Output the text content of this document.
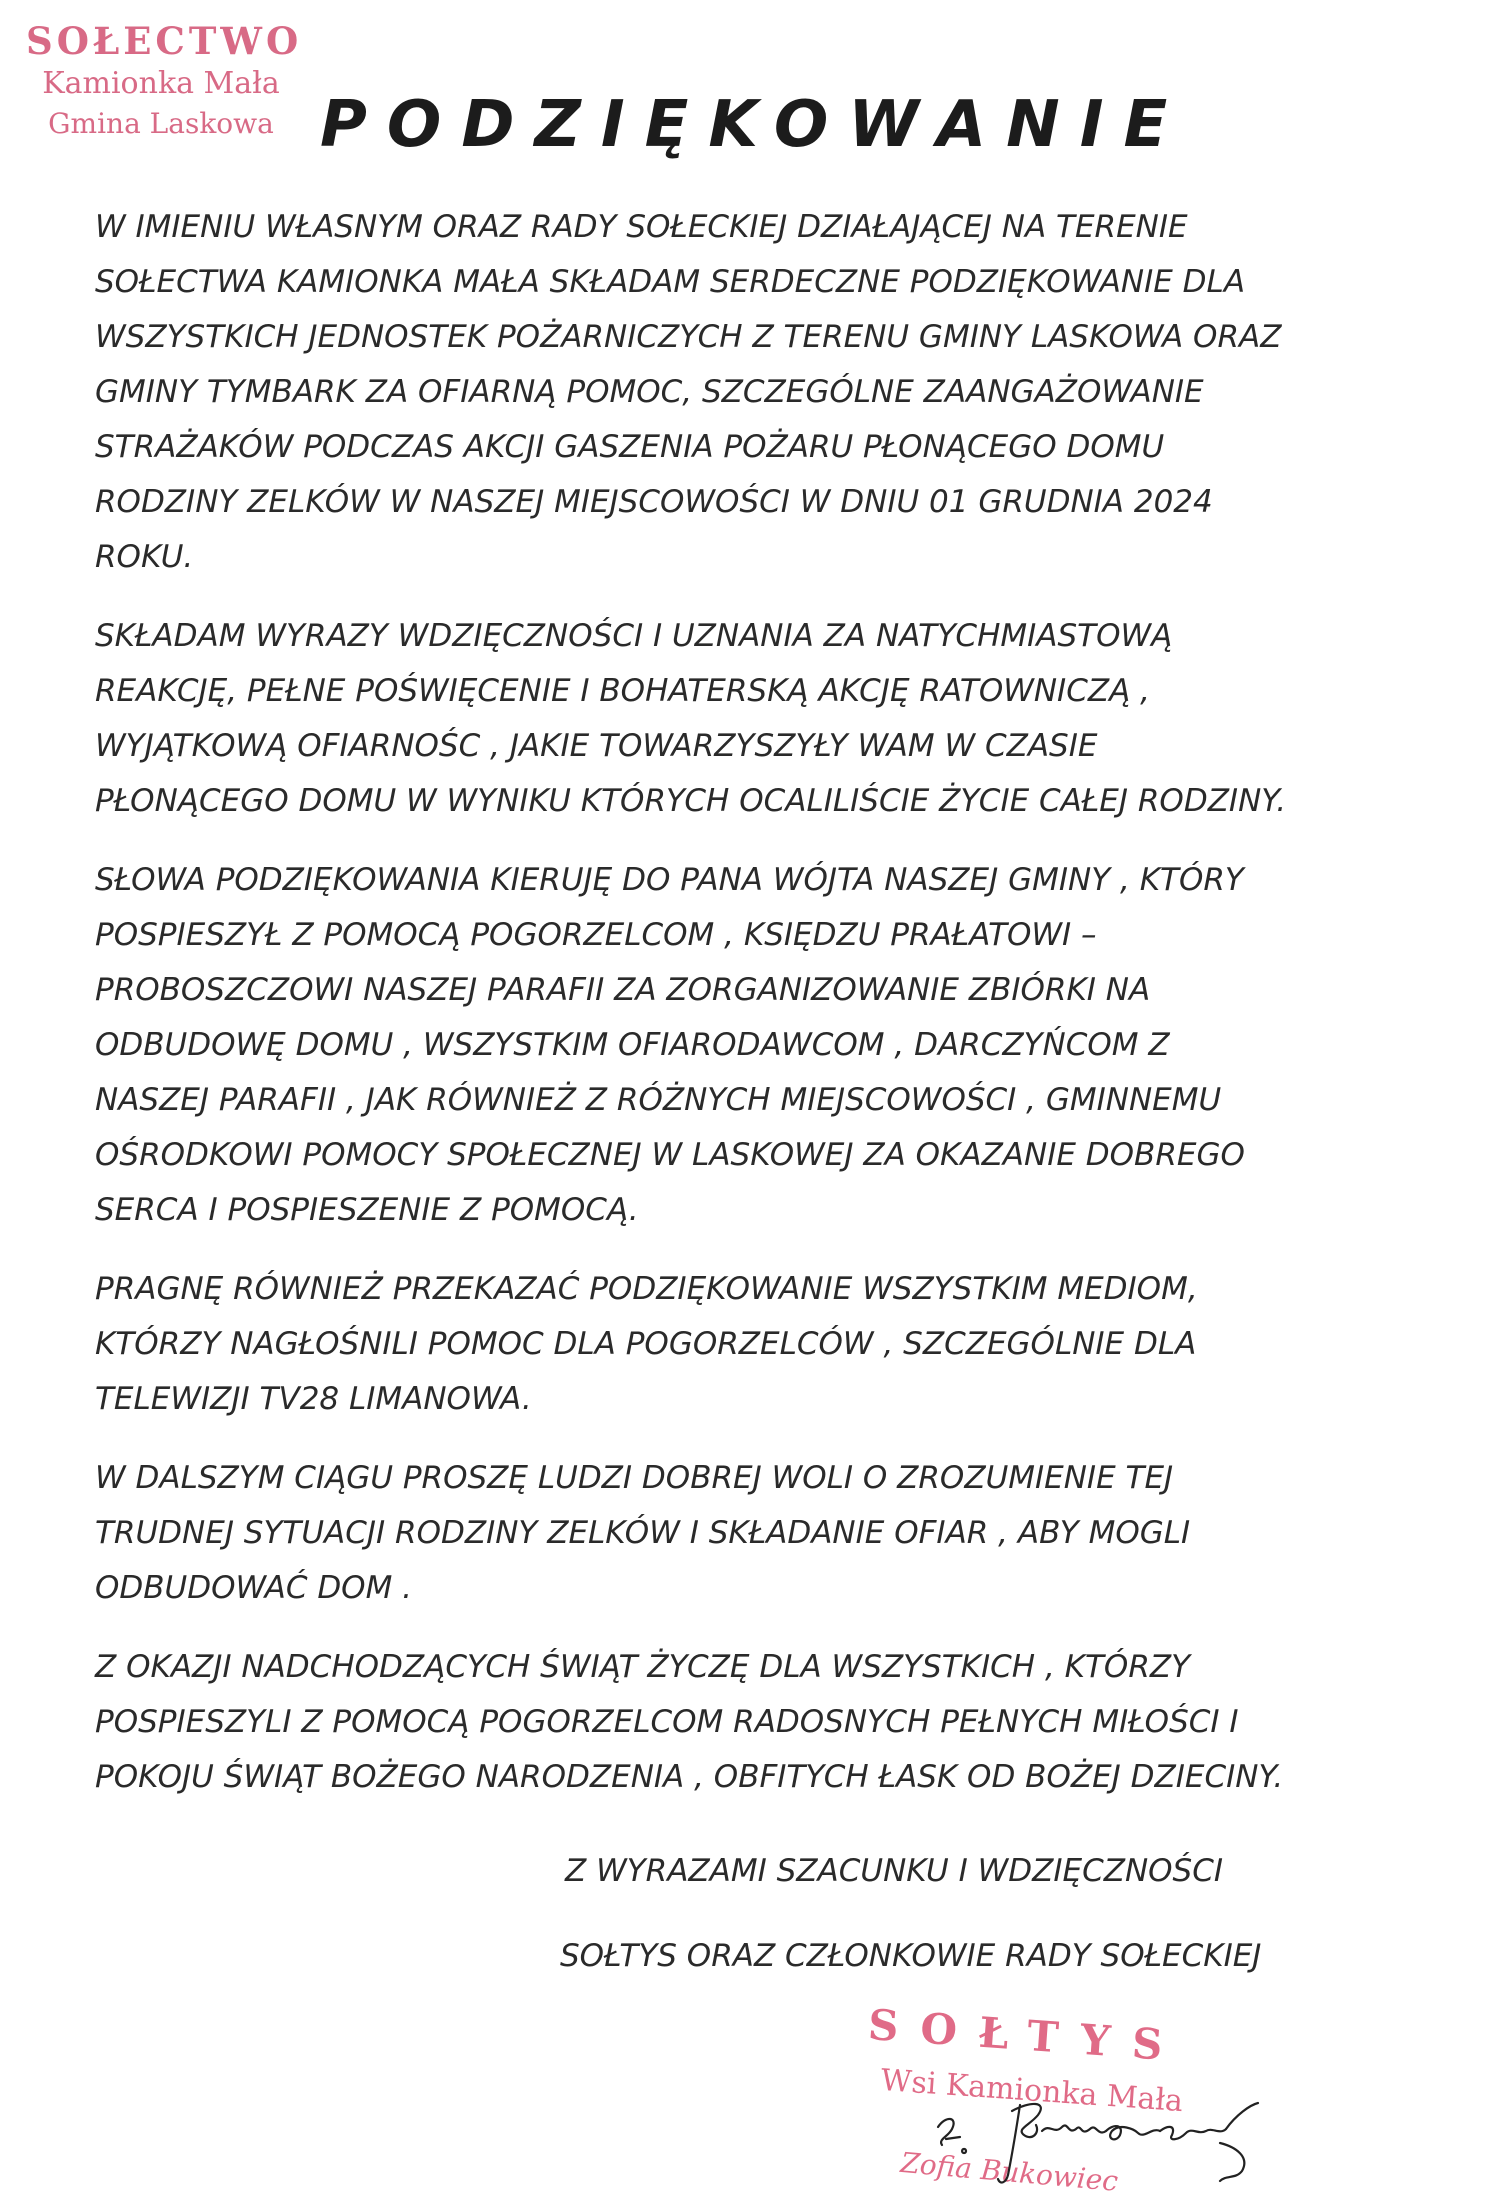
SOŁECTWO
Kamionka Mała
Gmina Laskowa PODZIĘKOWANIE

W IMIENIU WŁASNYM ORAZ RADY SOŁECKIEJ DZIAŁAJĄCEJ NA TERENIE
SOŁECTWA KAMIONKA MAŁA SKŁADAM SERDECZNE PODZIĘKOWANIE DLA
WSZYSTKICH JEDNOSTEK POŻARNICZYCH Z TERENU GMINY LASKOWA ORAZ
GMINY TYMBARK ZA OFIARNĄ POMOC, SZCZEGÓLNE ZAANGAŻOWANIE
STRAŻAKÓW PODCZAS AKCJI GASZENIA POŻARU PŁONĄCEGO DOMU
RODZINY ZELKÓW W NASZEJ MIEJSCOWOŚCI W DNIU 01 GRUDNIA 2024
ROKU.

SKŁADAM WYRAZY WDZIĘCZNOŚCI I UZNANIA ZA NATYCHMIASTOWĄ
REAKCJĘ, PEŁNE POŚWIĘCENIE I BOHATERSKĄ AKCJĘ RATOWNICZĄ ,
WYJĄTKOWĄ OFIARNOŚC , JAKIE TOWARZYSZYŁY WAM W CZASIE
PŁONĄCEGO DOMU W WYNIKU KTÓRYCH OCALILIŚCIE ŻYCIE CAŁEJ RODZINY.

SŁOWA PODZIĘKOWANIA KIERUJĘ DO PANA WÓJTA NASZEJ GMINY , KTÓRY
POSPIESZYŁ Z POMOCĄ POGORZELCOM , KSIĘDZU PRAŁATOWI –
PROBOSZCZOWI NASZEJ PARAFII ZA ZORGANIZOWANIE ZBIÓRKI NA
ODBUDOWĘ DOMU , WSZYSTKIM OFIARODAWCOM , DARCZYŃCOM Z
NASZEJ PARAFII , JAK RÓWNIEŻ Z RÓŻNYCH MIEJSCOWOŚCI , GMINNEMU
OŚRODKOWI POMOCY SPOŁECZNEJ W LASKOWEJ ZA OKAZANIE DOBREGO
SERCA I POSPIESZENIE Z POMOCĄ.

PRAGNĘ RÓWNIEŻ PRZEKAZAĆ PODZIĘKOWANIE WSZYSTKIM MEDIOM,
KTÓRZY NAGŁOŚNILI POMOC DLA POGORZELCÓW , SZCZEGÓLNIE DLA
TELEWIZJI TV28 LIMANOWA.

W DALSZYM CIĄGU PROSZĘ LUDZI DOBREJ WOLI O ZROZUMIENIE TEJ
TRUDNEJ SYTUACJI RODZINY ZELKÓW I SKŁADANIE OFIAR , ABY MOGLI
ODBUDOWAĆ DOM .

Z OKAZJI NADCHODZĄCYCH ŚWIĄT ŻYCZĘ DLA WSZYSTKICH , KTÓRZY
POSPIESZYLI Z POMOCĄ POGORZELCOM RADOSNYCH PEŁNYCH MIŁOŚCI I
POKOJU ŚWIĄT BOŻEGO NARODZENIA , OBFITYCH ŁASK OD BOŻEJ DZIECINY.

Z WYRAZAMI SZACUNKU I WDZIĘCZNOŚCI
SOŁTYS ORAZ CZŁONKOWIE RADY SOŁECKIEJ
SOŁTYS
Wsi Kamionka Mała
Zofia Bukowiec
